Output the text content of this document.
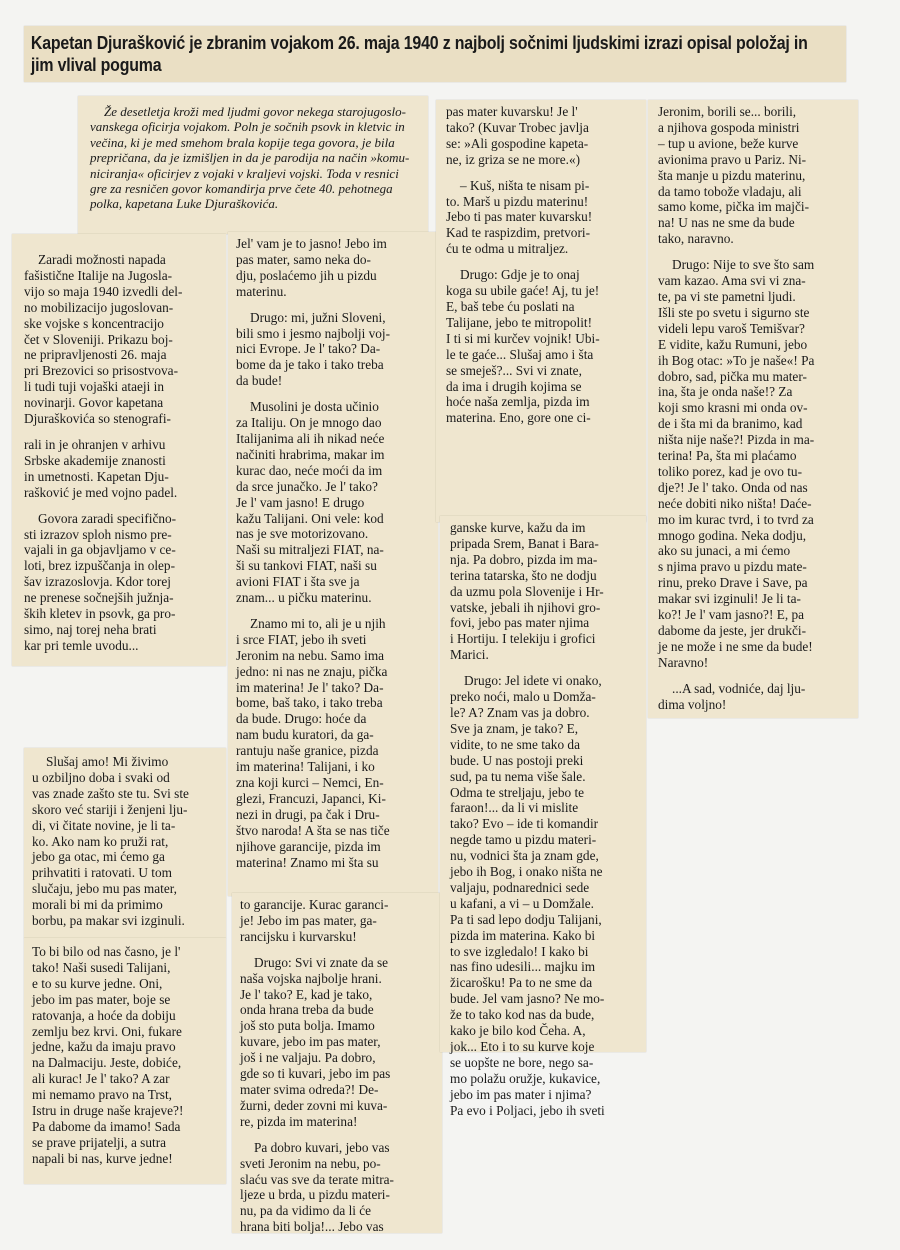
Kapetan Djurašković je zbranim vojakom 26. maja 1940 z najbolj sočnimi ljudskimi izrazi opisal položaj in jim vlival poguma

Že desetletja kroži med ljudmi govor nekega starojugoslo-
vanskega oficirja vojakom. Poln je sočnih psovk in kletvic in
večina, ki je med smehom brala kopije tega govora, je bila
prepričana, da je izmišljen in da je parodija na način »komu-
niciranja« oficirjev z vojaki v kraljevi vojski. Toda v resnici
gre za resničen govor komandirja prve čete 40. pehotnega
polka, kapetana Luke Djuraškovića.

Zaradi možnosti napada
fašistične Italije na Jugosla-
vijo so maja 1940 izvedli del-
no mobilizacijo jugoslovan-
ske vojske s koncentracijo
čet v Sloveniji. Prikazu boj-
ne pripravljenosti 26. maja
pri Brezovici so prisostvova-
li tudi tuji vojaški ataeji in
novinarji. Govor kapetana
Djuraškovića so stenografi-

rali in je ohranjen v arhivu
Srbske akademije znanosti
in umetnosti. Kapetan Dju-
rašković je med vojno padel.

Govora zaradi specifično-
sti izrazov sploh nismo pre-
vajali in ga objavljamo v ce-
loti, brez izpuščanja in olep-
šav izrazoslovja. Kdor torej
ne prenese sočnejših južnja-
ških kletev in psovk, ga pro-
simo, naj torej neha brati
kar pri temle uvodu...

Slušaj amo! Mi živimo
u ozbiljno doba i svaki od
vas znade zašto ste tu. Svi ste
skoro već stariji i ženjeni lju-
di, vi čitate novine, je li ta-
ko. Ako nam ko pruži rat,
jebo ga otac, mi ćemo ga
prihvatiti i ratovati. U tom
slučaju, jebo mu pas mater,
morali bi mi da primimo
borbu, pa makar svi izginuli.

To bi bilo od nas časno, je l'
tako! Naši susedi Talijani,
e to su kurve jedne. Oni,
jebo im pas mater, boje se
ratovanja, a hoće da dobiju
zemlju bez krvi. Oni, fukare
jedne, kažu da imaju pravo
na Dalmaciju. Jeste, dobiće,
ali kurac! Je l' tako? A zar
mi nemamo pravo na Trst,
Istru in druge naše krajeve?!
Pa dabome da imamo! Sada
se prave prijatelji, a sutra
napali bi nas, kurve jedne!

Jel' vam je to jasno! Jebo im
pas mater, samo neka do-
dju, poslaćemo jih u pizdu
materinu.

Drugo: mi, južni Sloveni,
bili smo i jesmo najbolji voj-
nici Evrope. Je l' tako? Da-
bome da je tako i tako treba
da bude!

Musolini je dosta učinio
za Italiju. On je mnogo dao
Italijanima ali ih nikad neće
načiniti hrabrima, makar im
kurac dao, neće moći da im
da srce junačko. Je l' tako?
Je l' vam jasno! E drugo
kažu Talijani. Oni vele: kod
nas je sve motorizovano.
Naši su mitraljezi FIAT, na-
ši su tankovi FIAT, naši su
avioni FIAT i šta sve ja
znam... u pičku materinu.

Znamo mi to, ali je u njih
i srce FIAT, jebo ih sveti
Jeronim na nebu. Samo ima
jedno: ni nas ne znaju, pička
im materina! Je l' tako? Da-
bome, baš tako, i tako treba
da bude. Drugo: hoće da
nam budu kuratori, da ga-
rantuju naše granice, pizda
im materina! Talijani, i ko
zna koji kurci – Nemci, En-
glezi, Francuzi, Japanci, Ki-
nezi in drugi, pa čak i Dru-
štvo naroda! A šta se nas tiče
njihove garancije, pizda im
materina! Znamo mi šta su

to garancije. Kurac garanci-
je! Jebo im pas mater, ga-
rancijsku i kurvarsku!

Drugo: Svi vi znate da se
naša vojska najbolje hrani.
Je l' tako? E, kad je tako,
onda hrana treba da bude
još sto puta bolja. Imamo
kuvare, jebo im pas mater,
još i ne valjaju. Pa dobro,
gde so ti kuvari, jebo im pas
mater svima odreda?! De-
žurni, deder zovni mi kuva-
re, pizda im materina!

Pa dobro kuvari, jebo vas
sveti Jeronim na nebu, po-
slaću vas sve da terate mitra-
ljeze u brda, u pizdu materi-
nu, pa da vidimo da li će
hrana biti bolja!... Jebo vas

pas mater kuvarsku! Je l'
tako? (Kuvar Trobec javlja
se: »Ali gospodine kapeta-
ne, iz griza se ne more.«)

– Kuš, ništa te nisam pi-
to. Marš u pizdu materinu!
Jebo ti pas mater kuvarsku!
Kad te raspizdim, pretvori-
ću te odma u mitraljez.

Drugo: Gdje je to onaj
koga su ubile gaće! Aj, tu je!
E, baš tebe ću poslati na
Talijane, jebo te mitropolit!
I ti si mi kurčev vojnik! Ubi-
le te gaće... Slušaj amo i šta
se smeješ?... Svi vi znate,
da ima i drugih kojima se
hoće naša zemlja, pizda im
materina. Eno, gore one ci-

ganske kurve, kažu da im
pripada Srem, Banat i Bara-
nja. Pa dobro, pizda im ma-
terina tatarska, što ne dodju
da uzmu pola Slovenije i Hr-
vatske, jebali ih njihovi gro-
fovi, jebo pas mater njima
i Hortiju. I telekiju i grofici
Marici.

Drugo: Jel idete vi onako,
preko noći, malo u Domža-
le? A? Znam vas ja dobro.
Sve ja znam, je tako? E,
vidite, to ne sme tako da
bude. U nas postoji preki
sud, pa tu nema više šale.
Odma te streljaju, jebo te
faraon!... da li vi mislite
tako? Evo – ide ti komandir
negde tamo u pizdu materi-
nu, vodnici šta ja znam gde,
jebo ih Bog, i onako ništa ne
valjaju, podnarednici sede
u kafani, a vi – u Domžale.
Pa ti sad lepo dodju Talijani,
pizda im materina. Kako bi
to sve izgledalo! I kako bi
nas fino udesili... majku im
žicarošku! Pa to ne sme da
bude. Jel vam jasno? Ne mo-
že to tako kod nas da bude,
kako je bilo kod Čeha. A,
jok... Eto i to su kurve koje
se uopšte ne bore, nego sa-
mo polažu oružje, kukavice,
jebo im pas mater i njima?
Pa evo i Poljaci, jebo ih sveti

Jeronim, borili se... borili,
a njihova gospoda ministri
– tup u avione, beže kurve
avionima pravo u Pariz. Ni-
šta manje u pizdu materinu,
da tamo tobože vladaju, ali
samo kome, pička im majči-
na! U nas ne sme da bude
tako, naravno.

Drugo: Nije to sve što sam
vam kazao. Ama svi vi zna-
te, pa vi ste pametni ljudi.
Išli ste po svetu i sigurno ste
videli lepu varoš Temišvar?
E vidite, kažu Rumuni, jebo
ih Bog otac: »To je naše«! Pa
dobro, sad, pička mu mater-
ina, šta je onda naše!? Za
koji smo krasni mi onda ov-
de i šta mi da branimo, kad
ništa nije naše?! Pizda in ma-
terina! Pa, šta mi plaćamo
toliko porez, kad je ovo tu-
dje?! Je l' tako. Onda od nas
neće dobiti niko ništa! Daće-
mo im kurac tvrd, i to tvrd za
mnogo godina. Neka dodju,
ako su junaci, a mi ćemo
s njima pravo u pizdu mate-
rinu, preko Drave i Save, pa
makar svi izginuli! Je li ta-
ko?! Je l' vam jasno?! E, pa
dabome da jeste, jer drukči-
je ne može i ne sme da bude!
Naravno!

...A sad, vodniće, daj lju-
dima voljno!
